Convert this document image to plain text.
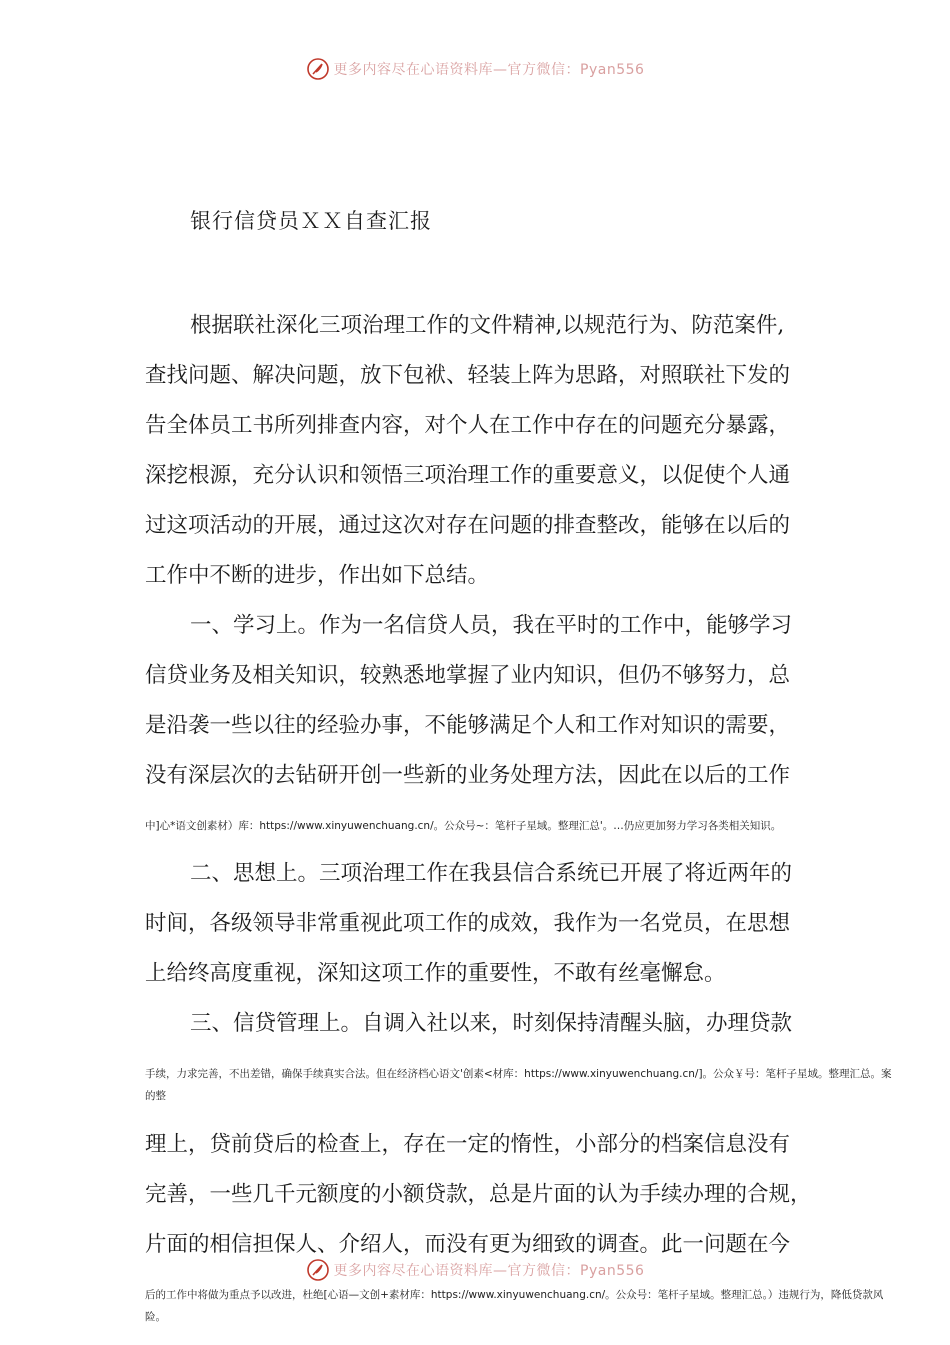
更多内容尽在心语资料库—官方微信：Pyan556
银行信贷员ＸＸ自查汇报
根据联社深化三项治理工作的文件精神,以规范行为、防范案件,
查找问题、解决问题，放下包袱、轻装上阵为思路，对照联社下发的
告全体员工书所列排查内容，对个人在工作中存在的问题充分暴露，
深挖根源，充分认识和领悟三项治理工作的重要意义，以促使个人通
过这项活动的开展，通过这次对存在问题的排查整改，能够在以后的
工作中不断的进步，作出如下总结。
一、学习上。作为一名信贷人员，我在平时的工作中，能够学习
信贷业务及相关知识，较熟悉地掌握了业内知识，但仍不够努力，总
是沿袭一些以往的经验办事，不能够满足个人和工作对知识的需要，
没有深层次的去钻研开创一些新的业务处理方法，因此在以后的工作
中]心*语文创素材）库：https://www.xinyuwenchuang.cn/。公众号~：笔杆子星域。整理汇总'。…仍应更加努力学习各类相关知识。
二、思想上。三项治理工作在我县信合系统已开展了将近两年的
时间，各级领导非常重视此项工作的成效，我作为一名党员，在思想
上给终高度重视，深知这项工作的重要性，不敢有丝毫懈怠。
三、信贷管理上。自调入社以来，时刻保持清醒头脑，办理贷款
手续，力求完善，不出差错，确保手续真实合法。但在经济档心语文'创素<材库：https://www.xinyuwenchuang.cn/]。公众￥号：笔杆子星域。整理汇总。案
的整
理上，贷前贷后的检查上，存在一定的惰性，小部分的档案信息没有
完善，一些几千元额度的小额贷款，总是片面的认为手续办理的合规，
片面的相信担保人、介绍人，而没有更为细致的调查。此一问题在今
更多内容尽在心语资料库—官方微信：Pyan556
后的工作中将做为重点予以改进，杜绝[心语—文创+素材库：https://www.xinyuwenchuang.cn/。公众号：笔杆子星域。整理汇总。）违规行为，降低贷款风
险。
